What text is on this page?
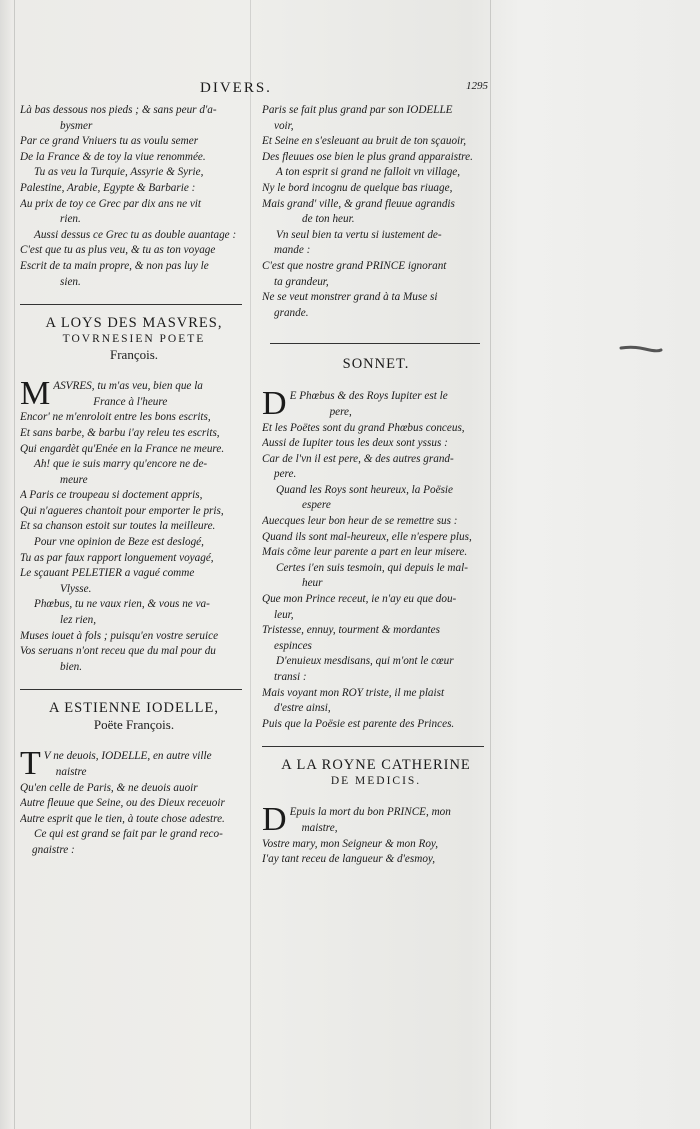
DIVERS.	1295
Là bas dessous nos pieds ; & sans peur d'a-
bysmer
Par ce grand Vniuers tu as voulu semer
De la France & de toy la viue renommée.
Tu as veu la Turquie, Assyrie & Syrie,
Palestine, Arabie, Egypte & Barbarie :
Au prix de toy ce Grec par dix ans ne vit
rien.
Aussi dessus ce Grec tu as double auantage :
C'est que tu as plus veu, & tu as ton voyage
Escrit de ta main propre, & non pas luy le
sien.
A LOYS DES MASVRES,
TOVRNESIEN POETE
François.
M ASVRES, tu m'as veu, bien que la
France à l'heure
Encor' ne m'enroloit entre les bons escrits,
Et sans barbe, & barbu i'ay releu tes escrits,
Qui engardèt qu'Enée en la France ne meure.
Ah! que ie suis marry qu'encore ne de-
meure
A Paris ce troupeau si doctement appris,
Qui n'agueres chantoit pour emporter le pris,
Et sa chanson estoit sur toutes la meilleure.
Pour vne opinion de Beze est deslogé,
Tu as par faux rapport longuement voyagé,
Le sçauant PELETIER a vagué comme
Vlysse.
Phœbus, tu ne vaux rien, & vous ne va-
lez rien,
Muses iouet à fols ; puisqu'en vostre seruice
Vos seruans n'ont receu que du mal pour du
bien.
A ESTIENNE IODELLE,
Poëte François.
T V ne deuois, IODELLE, en autre ville
naistre
Qu'en celle de Paris, & ne deuois auoir
Autre fleuue que Seine, ou des Dieux receuoir
Autre esprit que le tien, à toute chose adestre.
Ce qui est grand se fait par le grand reco-
gnaistre :
Paris se fait plus grand par son IODELLE
voir,
Et Seine en s'esleuant au bruit de ton sçauoir,
Des fleuues ose bien le plus grand apparaistre.
A ton esprit si grand ne falloit vn village,
Ny le bord incognu de quelque bas riuage,
Mais grand' ville, & grand fleuue agrandis
de ton heur.
Vn seul bien ta vertu si iustement de-
mande :
C'est que nostre grand PRINCE ignorant
ta grandeur,
Ne se veut monstrer grand à ta Muse si
grande.
SONNET.
D E Phœbus & des Roys Iupiter est le
pere,
Et les Poëtes sont du grand Phœbus conceus,
Aussi de Iupiter tous les deux sont yssus :
Car de l'vn il est pere, & des autres grand-
pere.
Quand les Roys sont heureux, la Poësie
espere
Auecques leur bon heur de se remettre sus :
Quand ils sont mal-heureux, elle n'espere plus,
Mais cõme leur parente a part en leur misere.
Certes i'en suis tesmoin, qui depuis le mal-
heur
Que mon Prince receut, ie n'ay eu que dou-
leur,
Tristesse, ennuy, tourment & mordantes
espinces
D'enuieux mesdisans, qui m'ont le cœur
transi :
Mais voyant mon ROY triste, il me plaist
d'estre ainsi,
Puis que la Poësie est parente des Princes.
A LA ROYNE CATHERINE
DE MEDICIS.
D Epuis la mort du bon PRINCE, mon
maistre,
Vostre mary, mon Seigneur & mon Roy,
I'ay tant receu de langueur & d'esmoy,
